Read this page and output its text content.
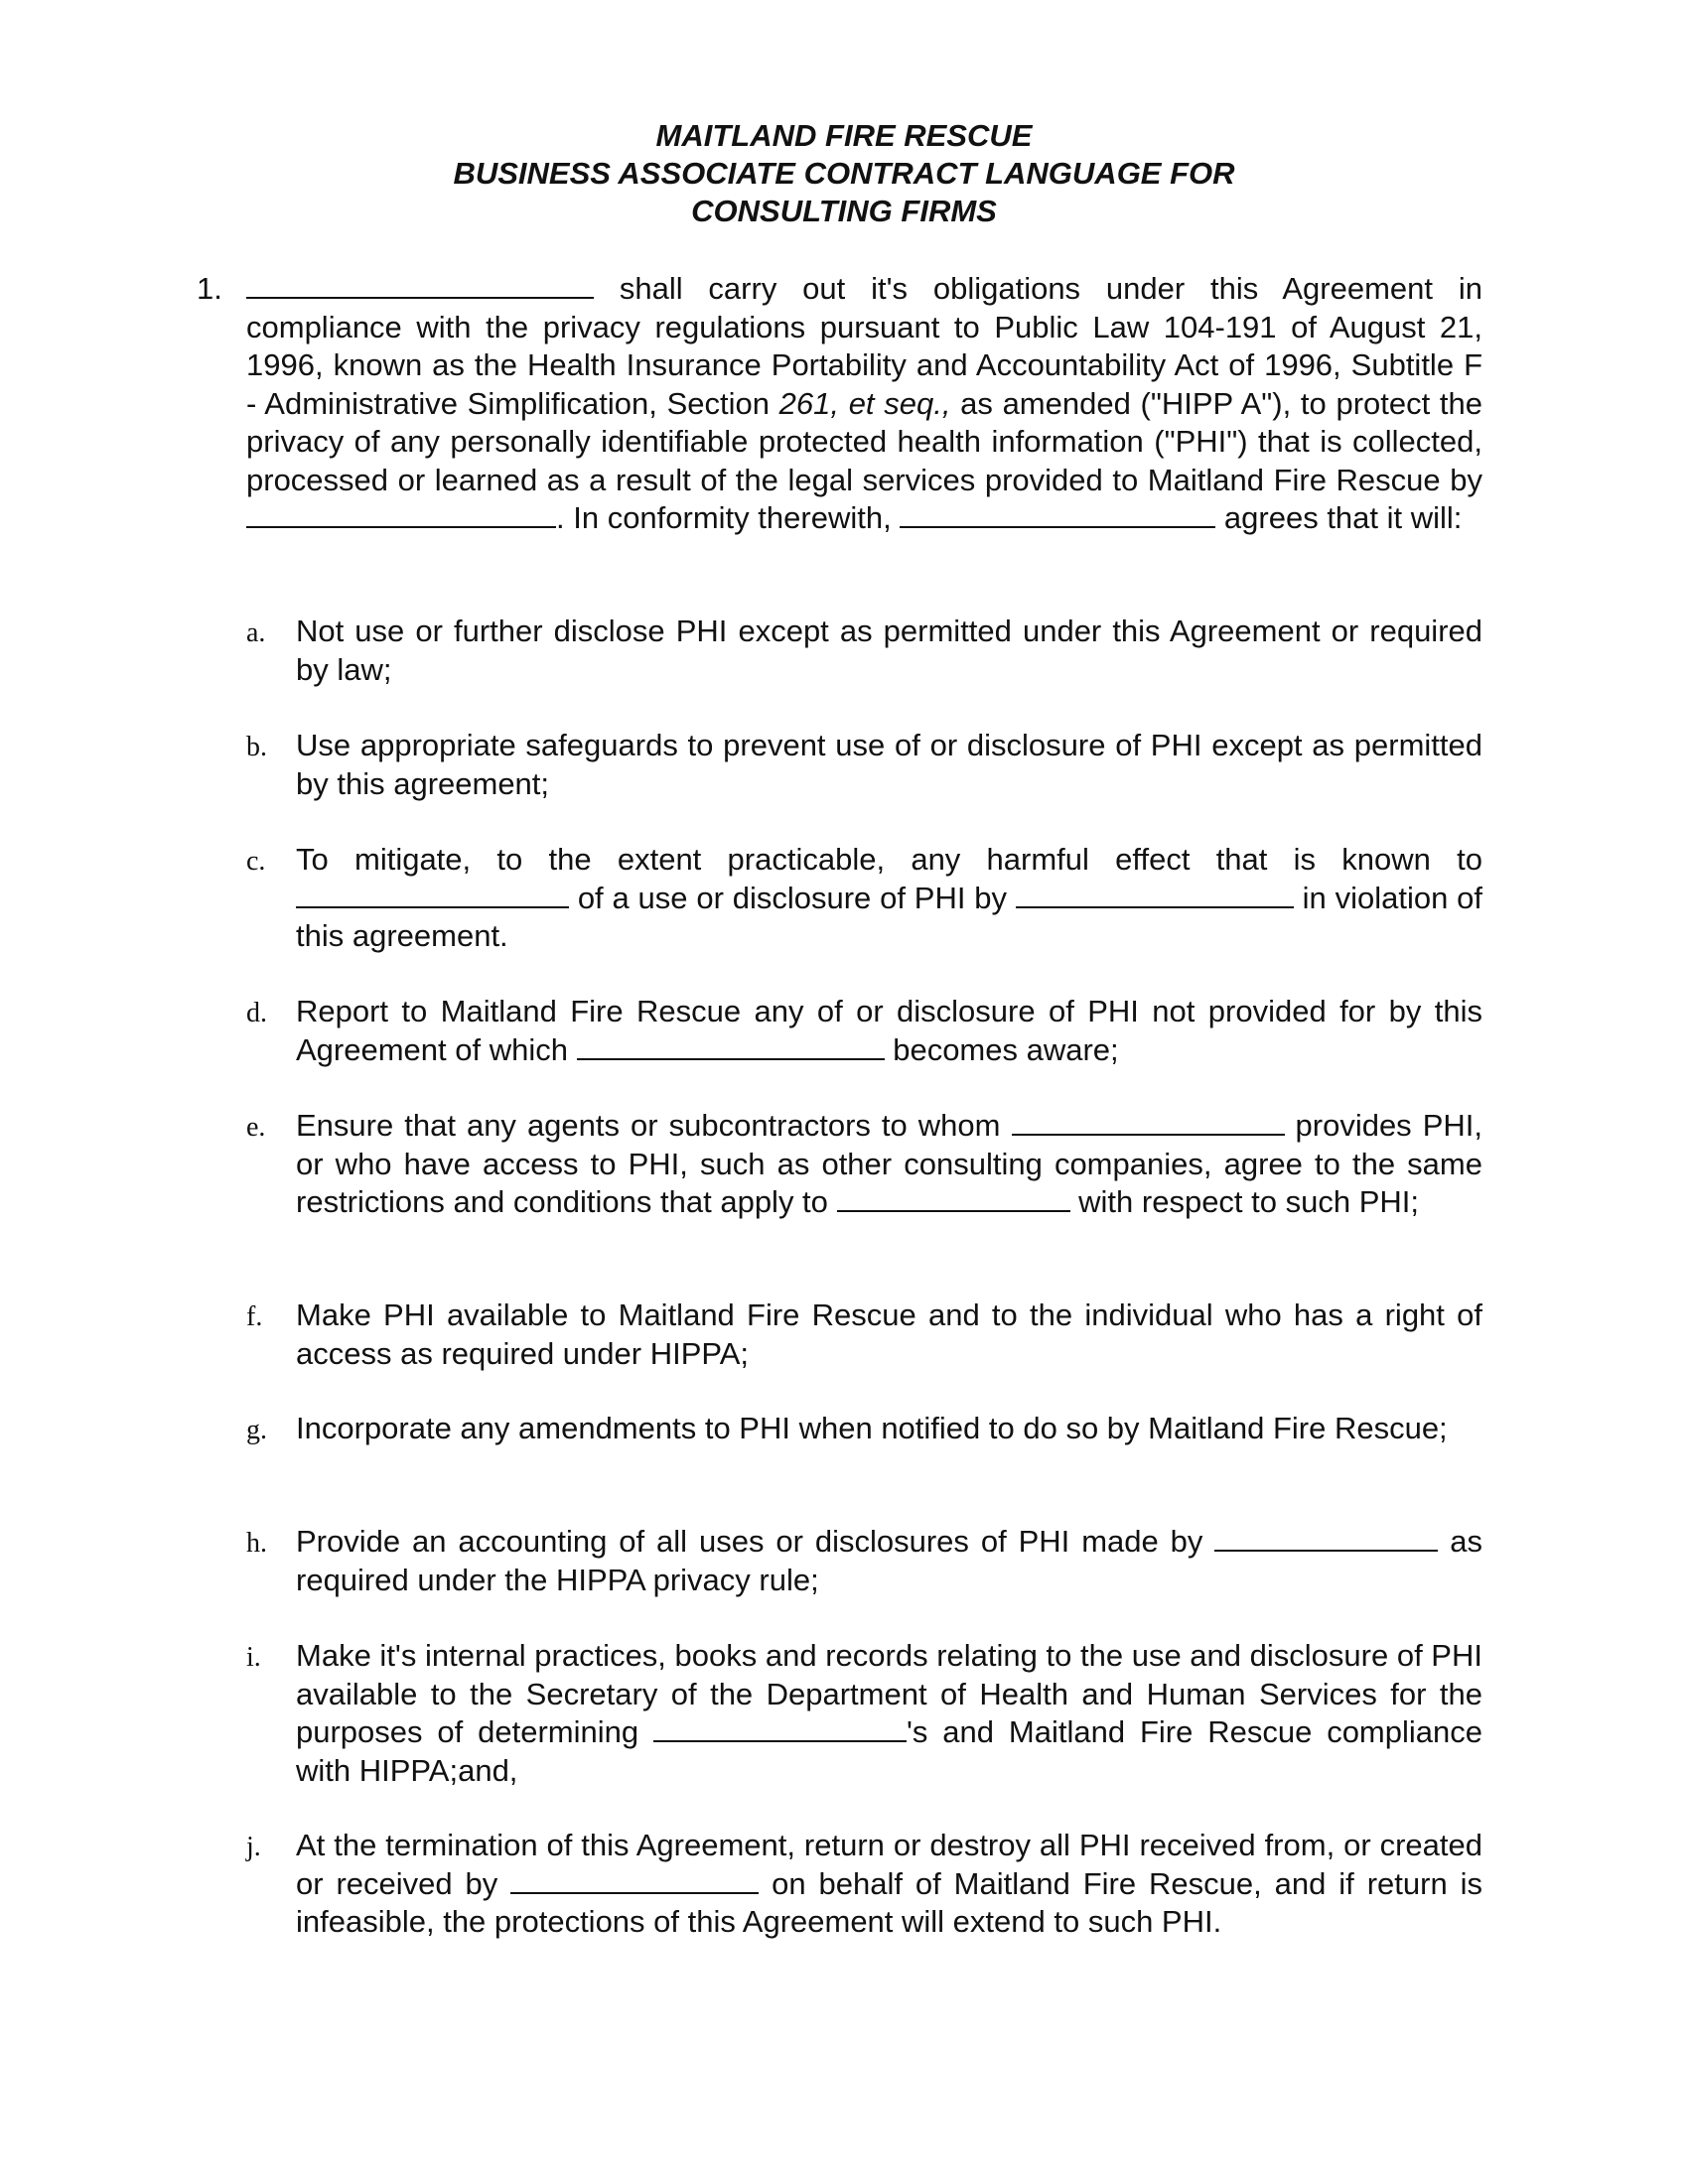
MAITLAND FIRE RESCUE
BUSINESS ASSOCIATE CONTRACT LANGUAGE FOR
CONSULTING FIRMS
1.	shall carry out it's obligations under this Agreement in compliance with the privacy regulations pursuant to Public Law 104-191 of August 21, 1996, known as the Health Insurance Portability and Accountability Act of 1996, Subtitle F - Administrative Simplification, Section 261, et seq., as amended ("HIPP A"), to protect the privacy of any personally identifiable protected health information ("PHI") that is collected, processed or learned as a result of the legal services provided to Maitland Fire Rescue by . In conformity therewith,	agrees that it will:
a. Not use or further disclose PHI except as permitted under this Agreement or required by law;
b. Use appropriate safeguards to prevent use of or disclosure of PHI except as permitted by this agreement;
c. To mitigate, to the extent practicable, any harmful effect that is known to  of a use or disclosure of PHI by	in violation of this agreement.
d. Report to Maitland Fire Rescue any of or disclosure of PHI not provided for by this Agreement of which	becomes aware;
e. Ensure that any agents or subcontractors to whom	provides PHI, or who have access to PHI, such as other consulting companies, agree to the same restrictions and conditions that apply to	with respect to such PHI;
f.	Make PHI available to Maitland Fire Rescue and to the individual who has a right of access as required under HIPPA;
g. Incorporate any amendments to PHI when notified to do so by Maitland Fire Rescue;
h. Provide an accounting of all uses or disclosures of PHI made by	as required under the HIPPA privacy rule;
i.	Make it's internal practices, books and records relating to the use and disclosure of PHI available to the Secretary of the Department of Health and Human Services for the purposes of determining	's and Maitland Fire Rescue compliance with HIPPA;and,
j.	At the termination of this Agreement, return or destroy all PHI received from, or created or received by	on behalf of Maitland Fire Rescue, and if return is infeasible, the protections of this Agreement will extend to such PHI.
